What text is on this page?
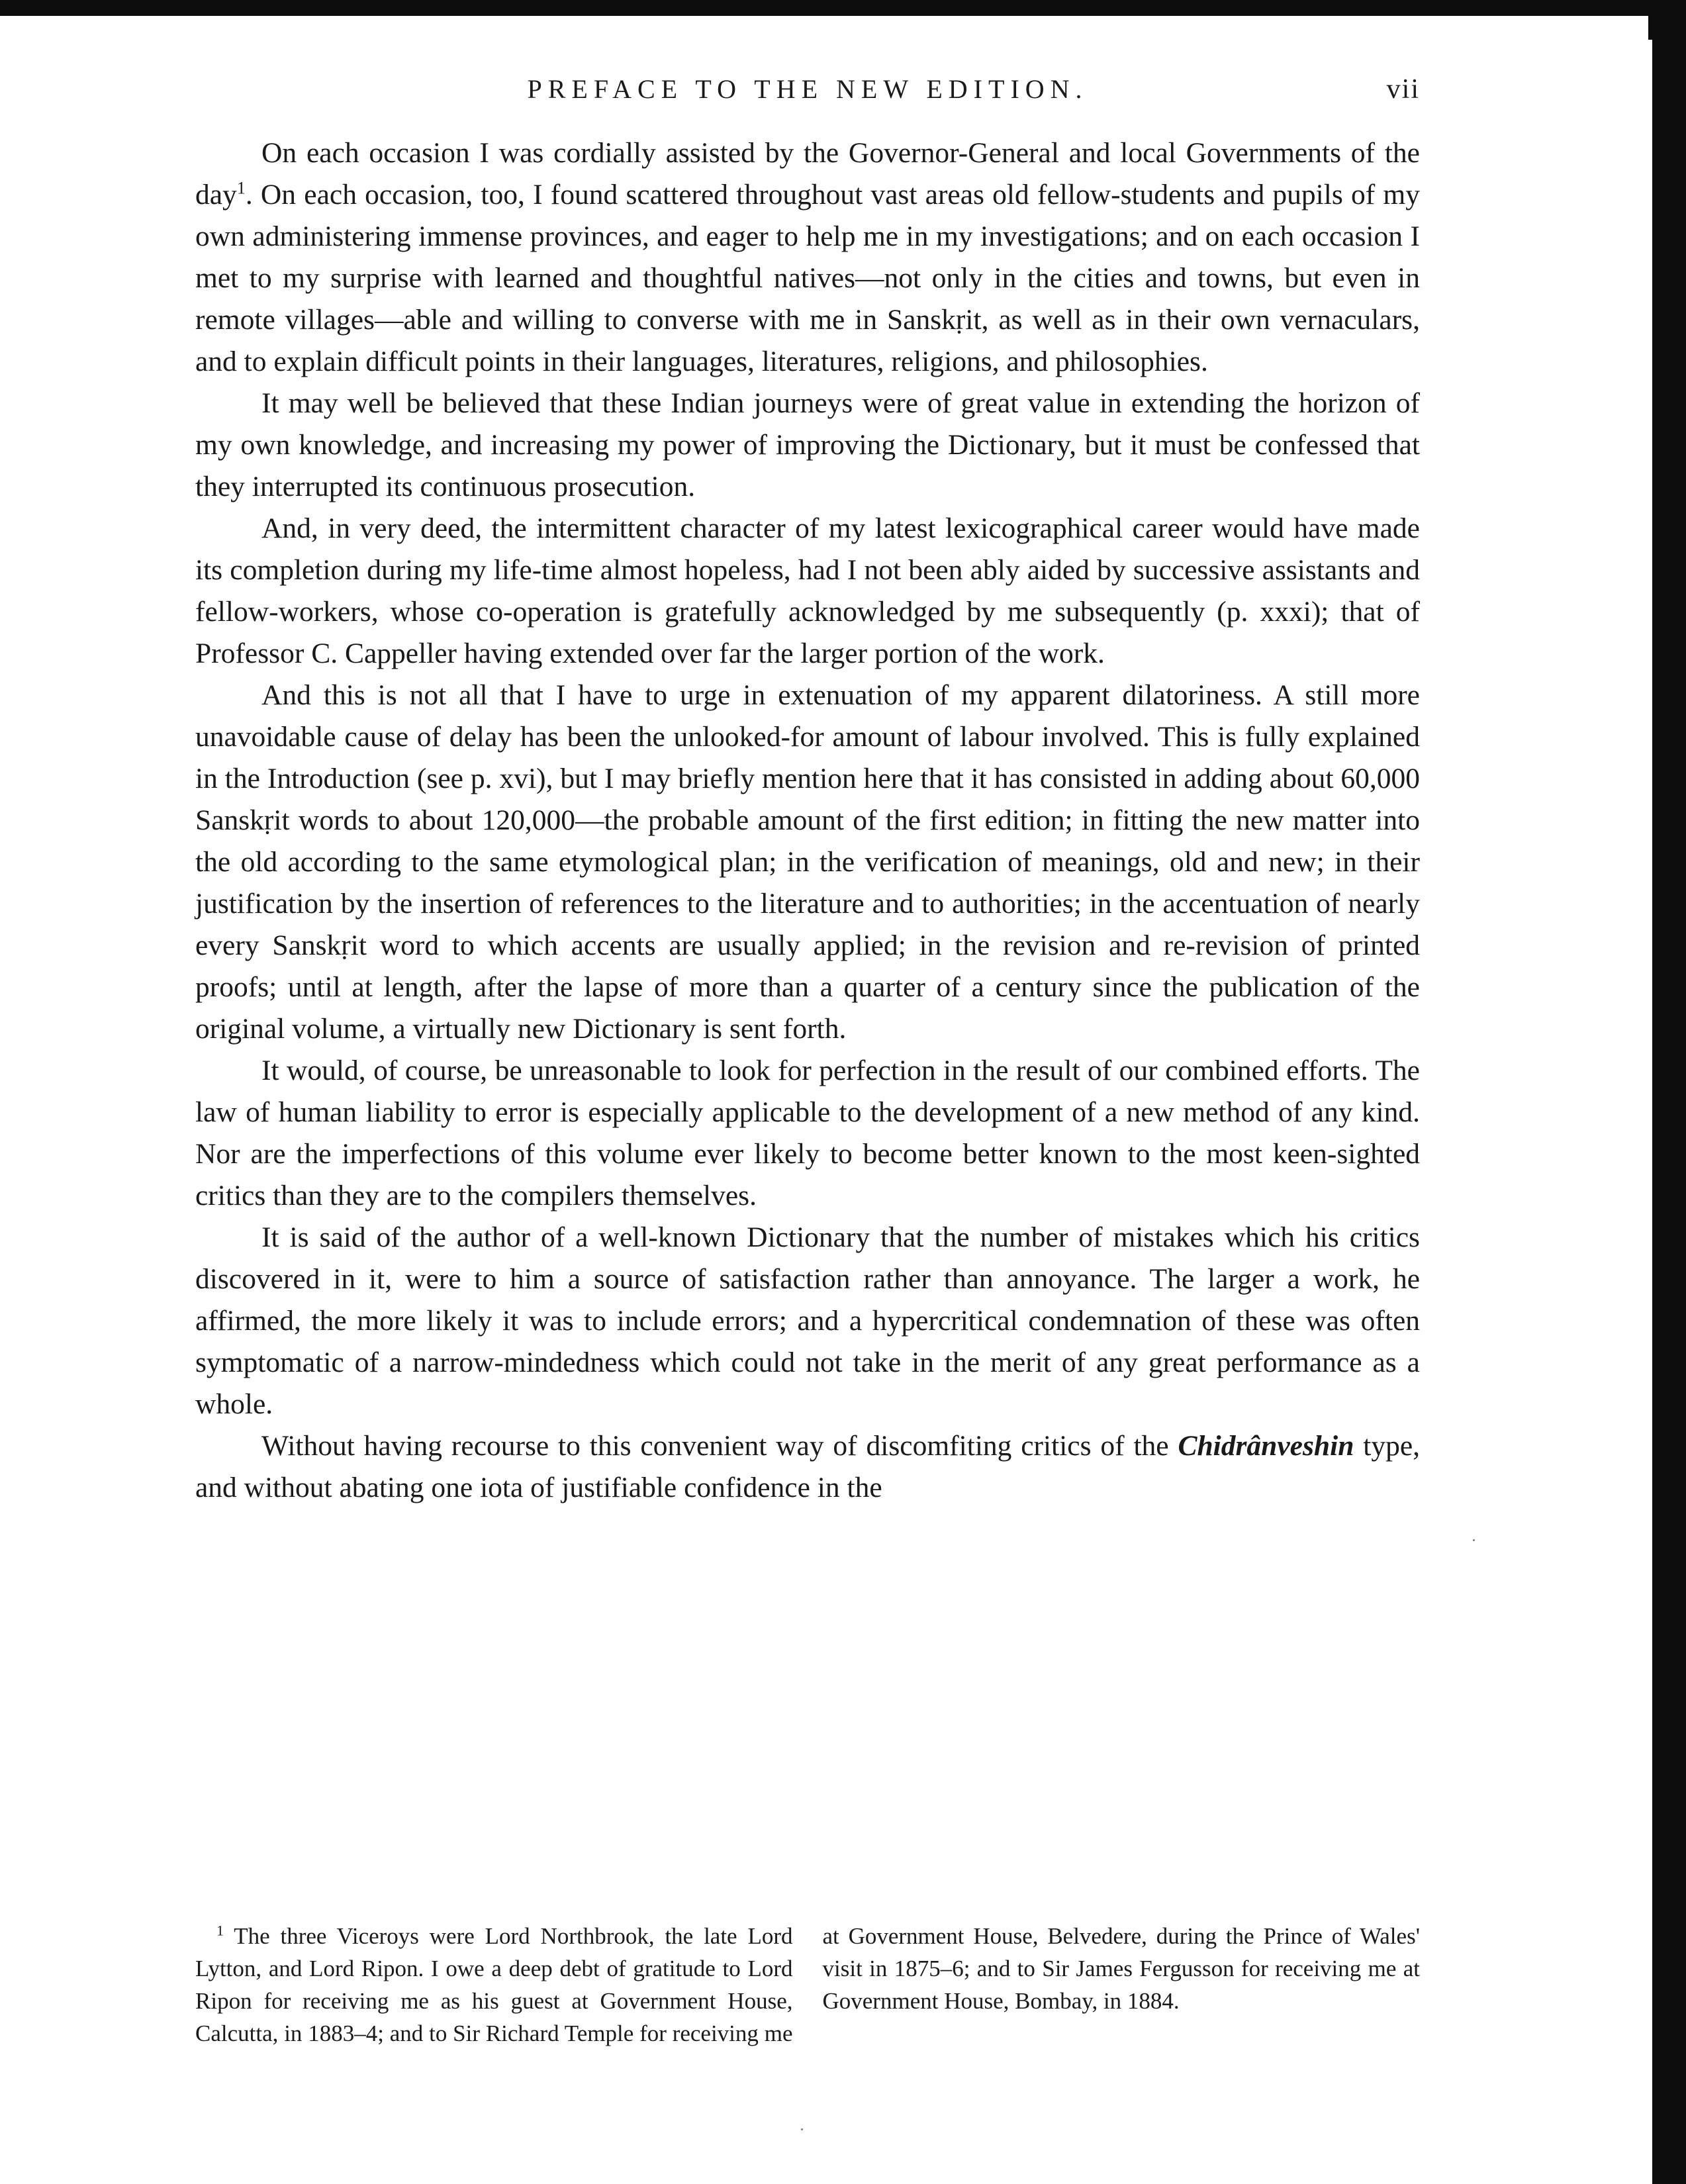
PREFACE TO THE NEW EDITION.	vii

On each occasion I was cordially assisted by the Governor-General and local Governments of the day$^1$. On each occasion, too, I found scattered throughout vast areas old fellow-students and pupils of my own administering immense provinces, and eager to help me in my investigations; and on each occasion I met to my surprise with learned and thoughtful natives—not only in the cities and towns, but even in remote villages—able and willing to converse with me in Sanskṛit, as well as in their own vernaculars, and to explain difficult points in their languages, literatures, religions, and philosophies.

It may well be believed that these Indian journeys were of great value in extending the horizon of my own knowledge, and increasing my power of improving the Dictionary, but it must be confessed that they interrupted its continuous prosecution.

And, in very deed, the intermittent character of my latest lexicographical career would have made its completion during my life-time almost hopeless, had I not been ably aided by successive assistants and fellow-workers, whose co-operation is gratefully acknowledged by me subsequently (p. xxxi); that of Professor C. Cappeller having extended over far the larger portion of the work.

And this is not all that I have to urge in extenuation of my apparent dilatoriness. A still more unavoidable cause of delay has been the unlooked-for amount of labour involved. This is fully explained in the Introduction (see p. xvi), but I may briefly mention here that it has consisted in adding about 60,000 Sanskṛit words to about 120,000—the probable amount of the first edition; in fitting the new matter into the old according to the same etymological plan; in the verification of meanings, old and new; in their justification by the insertion of references to the literature and to authorities; in the accentuation of nearly every Sanskṛit word to which accents are usually applied; in the revision and re-revision of printed proofs; until at length, after the lapse of more than a quarter of a century since the publication of the original volume, a virtually new Dictionary is sent forth.

It would, of course, be unreasonable to look for perfection in the result of our combined efforts. The law of human liability to error is especially applicable to the development of a new method of any kind. Nor are the imperfections of this volume ever likely to become better known to the most keen-sighted critics than they are to the compilers themselves.

It is said of the author of a well-known Dictionary that the number of mistakes which his critics discovered in it, were to him a source of satisfaction rather than annoyance. The larger a work, he affirmed, the more likely it was to include errors; and a hypercritical condemnation of these was often symptomatic of a narrow-mindedness which could not take in the merit of any great performance as a whole.

Without having recourse to this convenient way of discomfiting critics of the Chidrânveshin type, and without abating one iota of justifiable confidence in the

$^1$ The three Viceroys were Lord Northbrook, the late Lord Lytton, and Lord Ripon. I owe a deep debt of gratitude to Lord Ripon for receiving me as his guest at Government House, Calcutta, in 1883–4; and to Sir Richard Temple for receiving me at Government House, Belvedere, during the Prince of Wales' visit in 1875–6; and to Sir James Fergusson for receiving me at Government House, Bombay, in 1884.
